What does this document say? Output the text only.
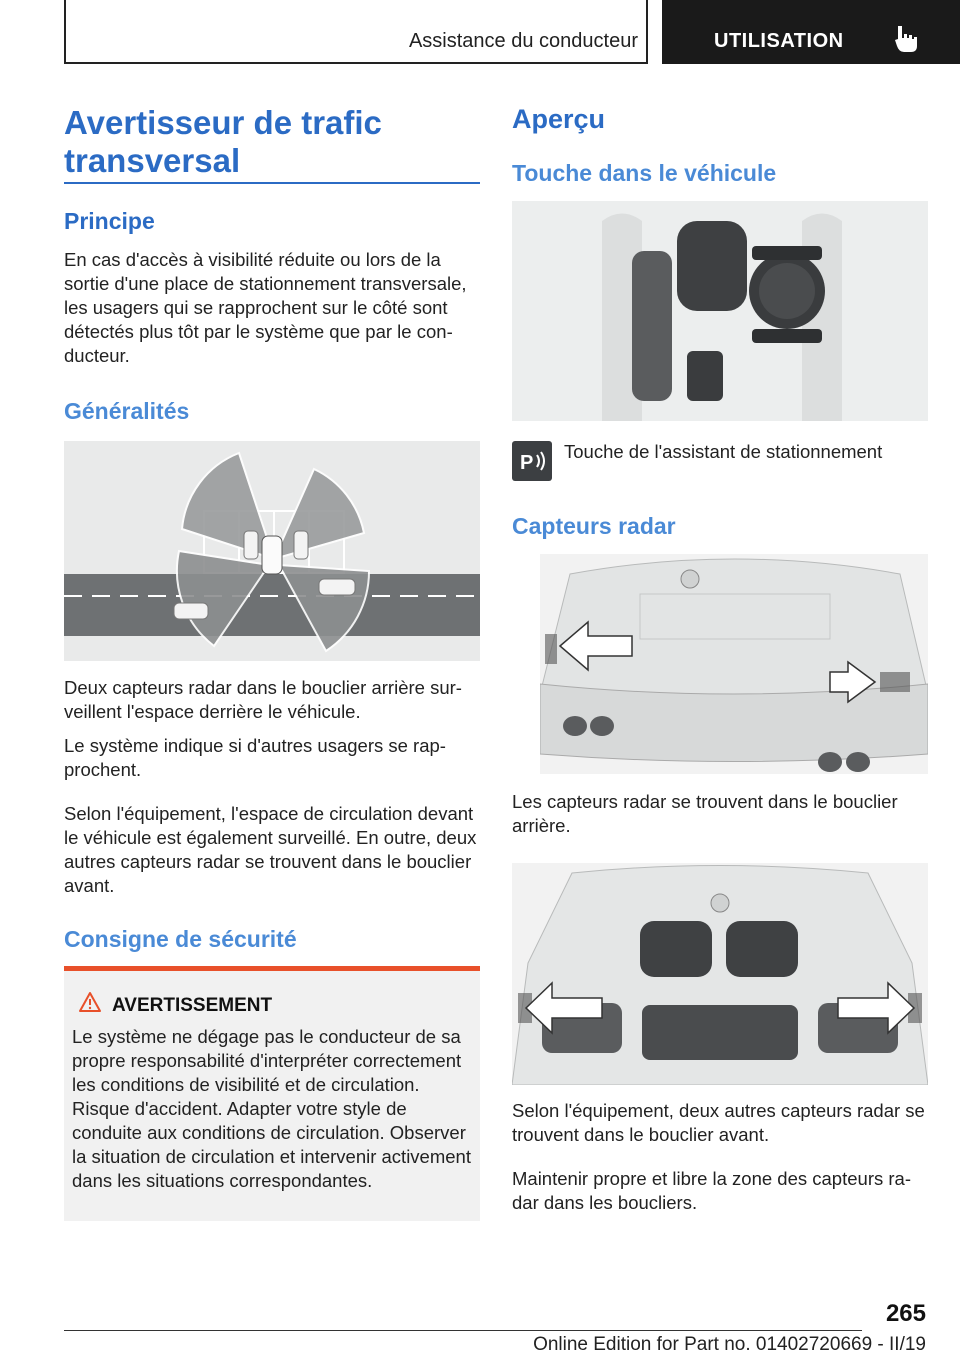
Assistance du conducteur	UTILISATION
Avertisseur de trafic transversal
Principe

En cas d'accès à visibilité réduite ou lors de la sortie d'une place de stationnement transversale, les usagers qui se rapprochent sur le côté sont détectés plus tôt par le système que par le conducteur.

Généralités

Deux capteurs radar dans le bouclier arrière surveillent l'espace derrière le véhicule.

Le système indique si d'autres usagers se rapprochent.

Selon l'équipement, l'espace de circulation devant le véhicule est également surveillé. En outre, deux autres capteurs radar se trouvent dans le bouclier avant.

Consigne de sécurité
AVERTISSEMENT

Le système ne dégage pas le conducteur de sa propre responsabilité d'interpréter correctement les conditions de visibilité et de circulation. Risque d'accident. Adapter votre style de conduite aux conditions de circulation. Observer la situation de circulation et intervenir activement dans les situations correspondantes.

Aperçu
Touche dans le véhicule
P

Touche de l'assistant de stationnement

Capteurs radar

Les capteurs radar se trouvent dans le bouclier arrière.

Selon l'équipement, deux autres capteurs radar se trouvent dans le bouclier avant.

Maintenir propre et libre la zone des capteurs radar dans les boucliers.

265
Online Edition for Part no. 01402720669 - II/19
